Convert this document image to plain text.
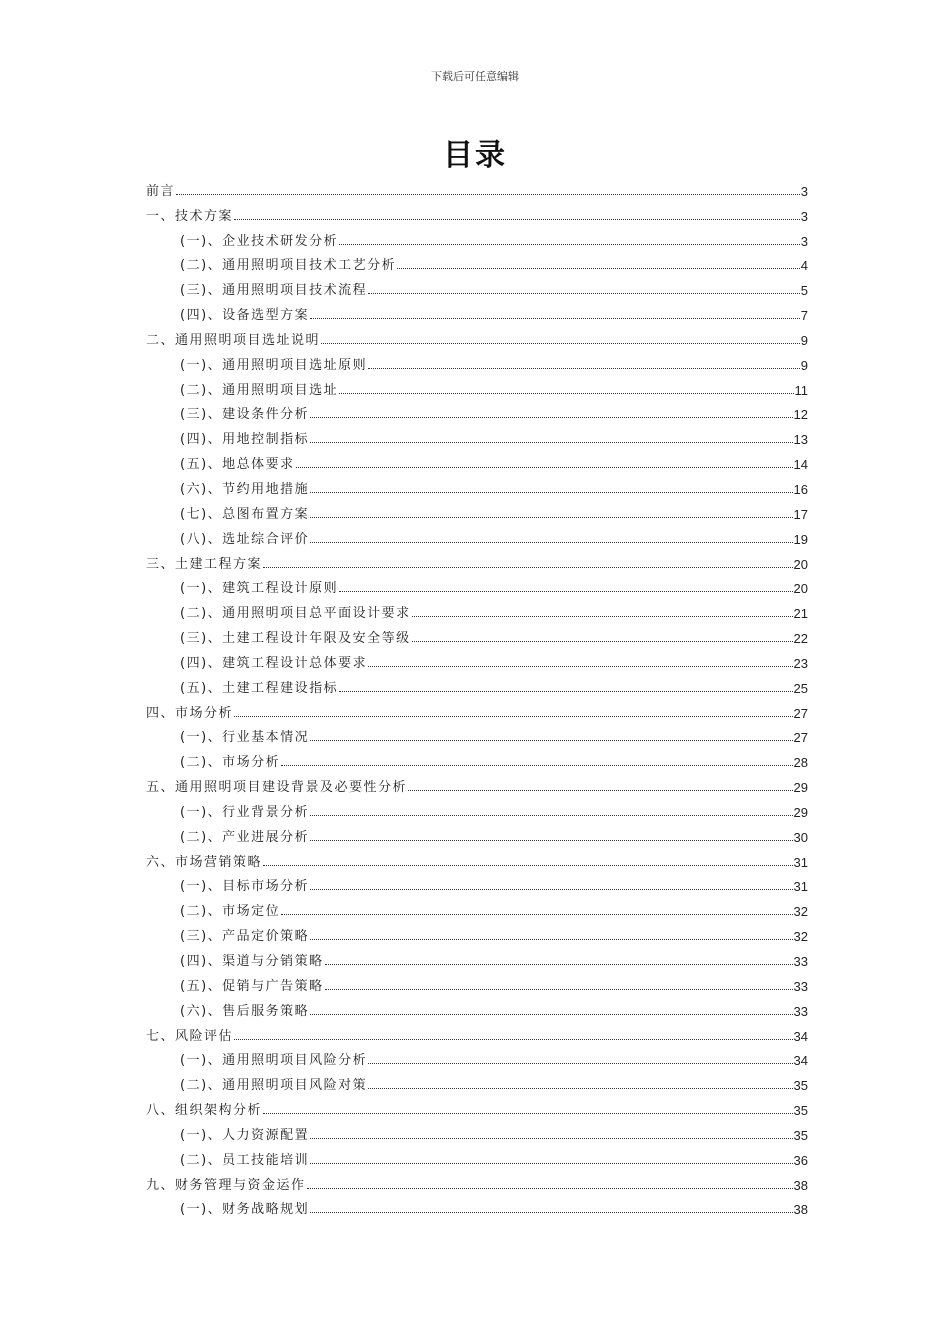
下载后可任意编辑
目录
前言	3
一、技术方案	3
(一)、企业技术研发分析	3
(二)、通用照明项目技术工艺分析	4
(三)、通用照明项目技术流程	5
(四)、设备选型方案	7
二、通用照明项目选址说明	9
(一)、通用照明项目选址原则	9
(二)、通用照明项目选址	11
(三)、建设条件分析	12
(四)、用地控制指标	13
(五)、地总体要求	14
(六)、节约用地措施	16
(七)、总图布置方案	17
(八)、选址综合评价	19
三、土建工程方案	20
(一)、建筑工程设计原则	20
(二)、通用照明项目总平面设计要求	21
(三)、土建工程设计年限及安全等级	22
(四)、建筑工程设计总体要求	23
(五)、土建工程建设指标	25
四、市场分析	27
(一)、行业基本情况	27
(二)、市场分析	28
五、通用照明项目建设背景及必要性分析	29
(一)、行业背景分析	29
(二)、产业进展分析	30
六、市场营销策略	31
(一)、目标市场分析	31
(二)、市场定位	32
(三)、产品定价策略	32
(四)、渠道与分销策略	33
(五)、促销与广告策略	33
(六)、售后服务策略	33
七、风险评估	34
(一)、通用照明项目风险分析	34
(二)、通用照明项目风险对策	35
八、组织架构分析	35
(一)、人力资源配置	35
(二)、员工技能培训	36
九、财务管理与资金运作	38
(一)、财务战略规划	38
